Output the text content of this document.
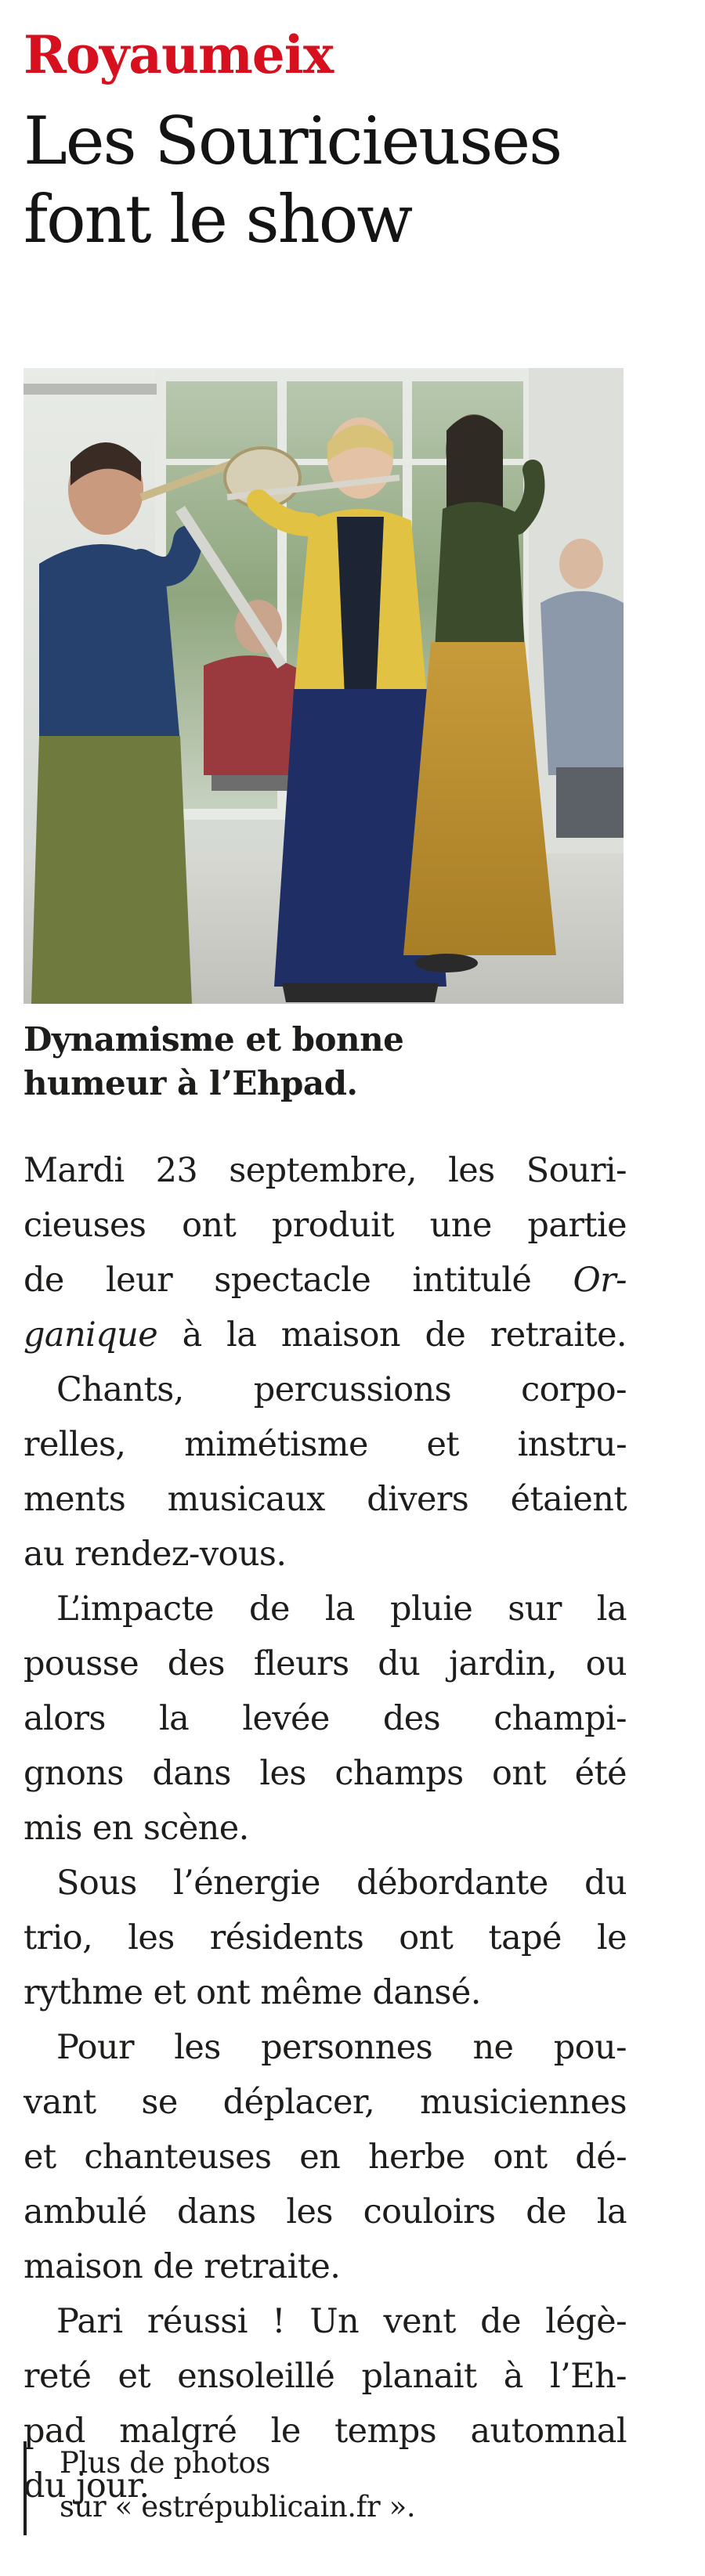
Royaumeix
Les Souricieuses
font le show
Dynamisme et bonne
humeur à l’Ehpad.
Mardi 23 septembre, les Souri-
cieuses ont produit une partie
de leur spectacle intitulé Or-
ganique à la maison de retraite.
Chants, percussions corpo-
relles, mimétisme et instru-
ments musicaux divers étaient
au rendez-vous.
L’impacte de la pluie sur la
pousse des fleurs du jardin, ou
alors la levée des champi-
gnons dans les champs ont été
mis en scène.
Sous l’énergie débordante du
trio, les résidents ont tapé le
rythme et ont même dansé.
Pour les personnes ne pou-
vant se déplacer, musiciennes
et chanteuses en herbe ont dé-
ambulé dans les couloirs de la
maison de retraite.
Pari réussi ! Un vent de légè-
reté et ensoleillé planait à l’Eh-
pad malgré le temps automnal
du jour.
Plus de photos
sur « estrépublicain.fr ».
